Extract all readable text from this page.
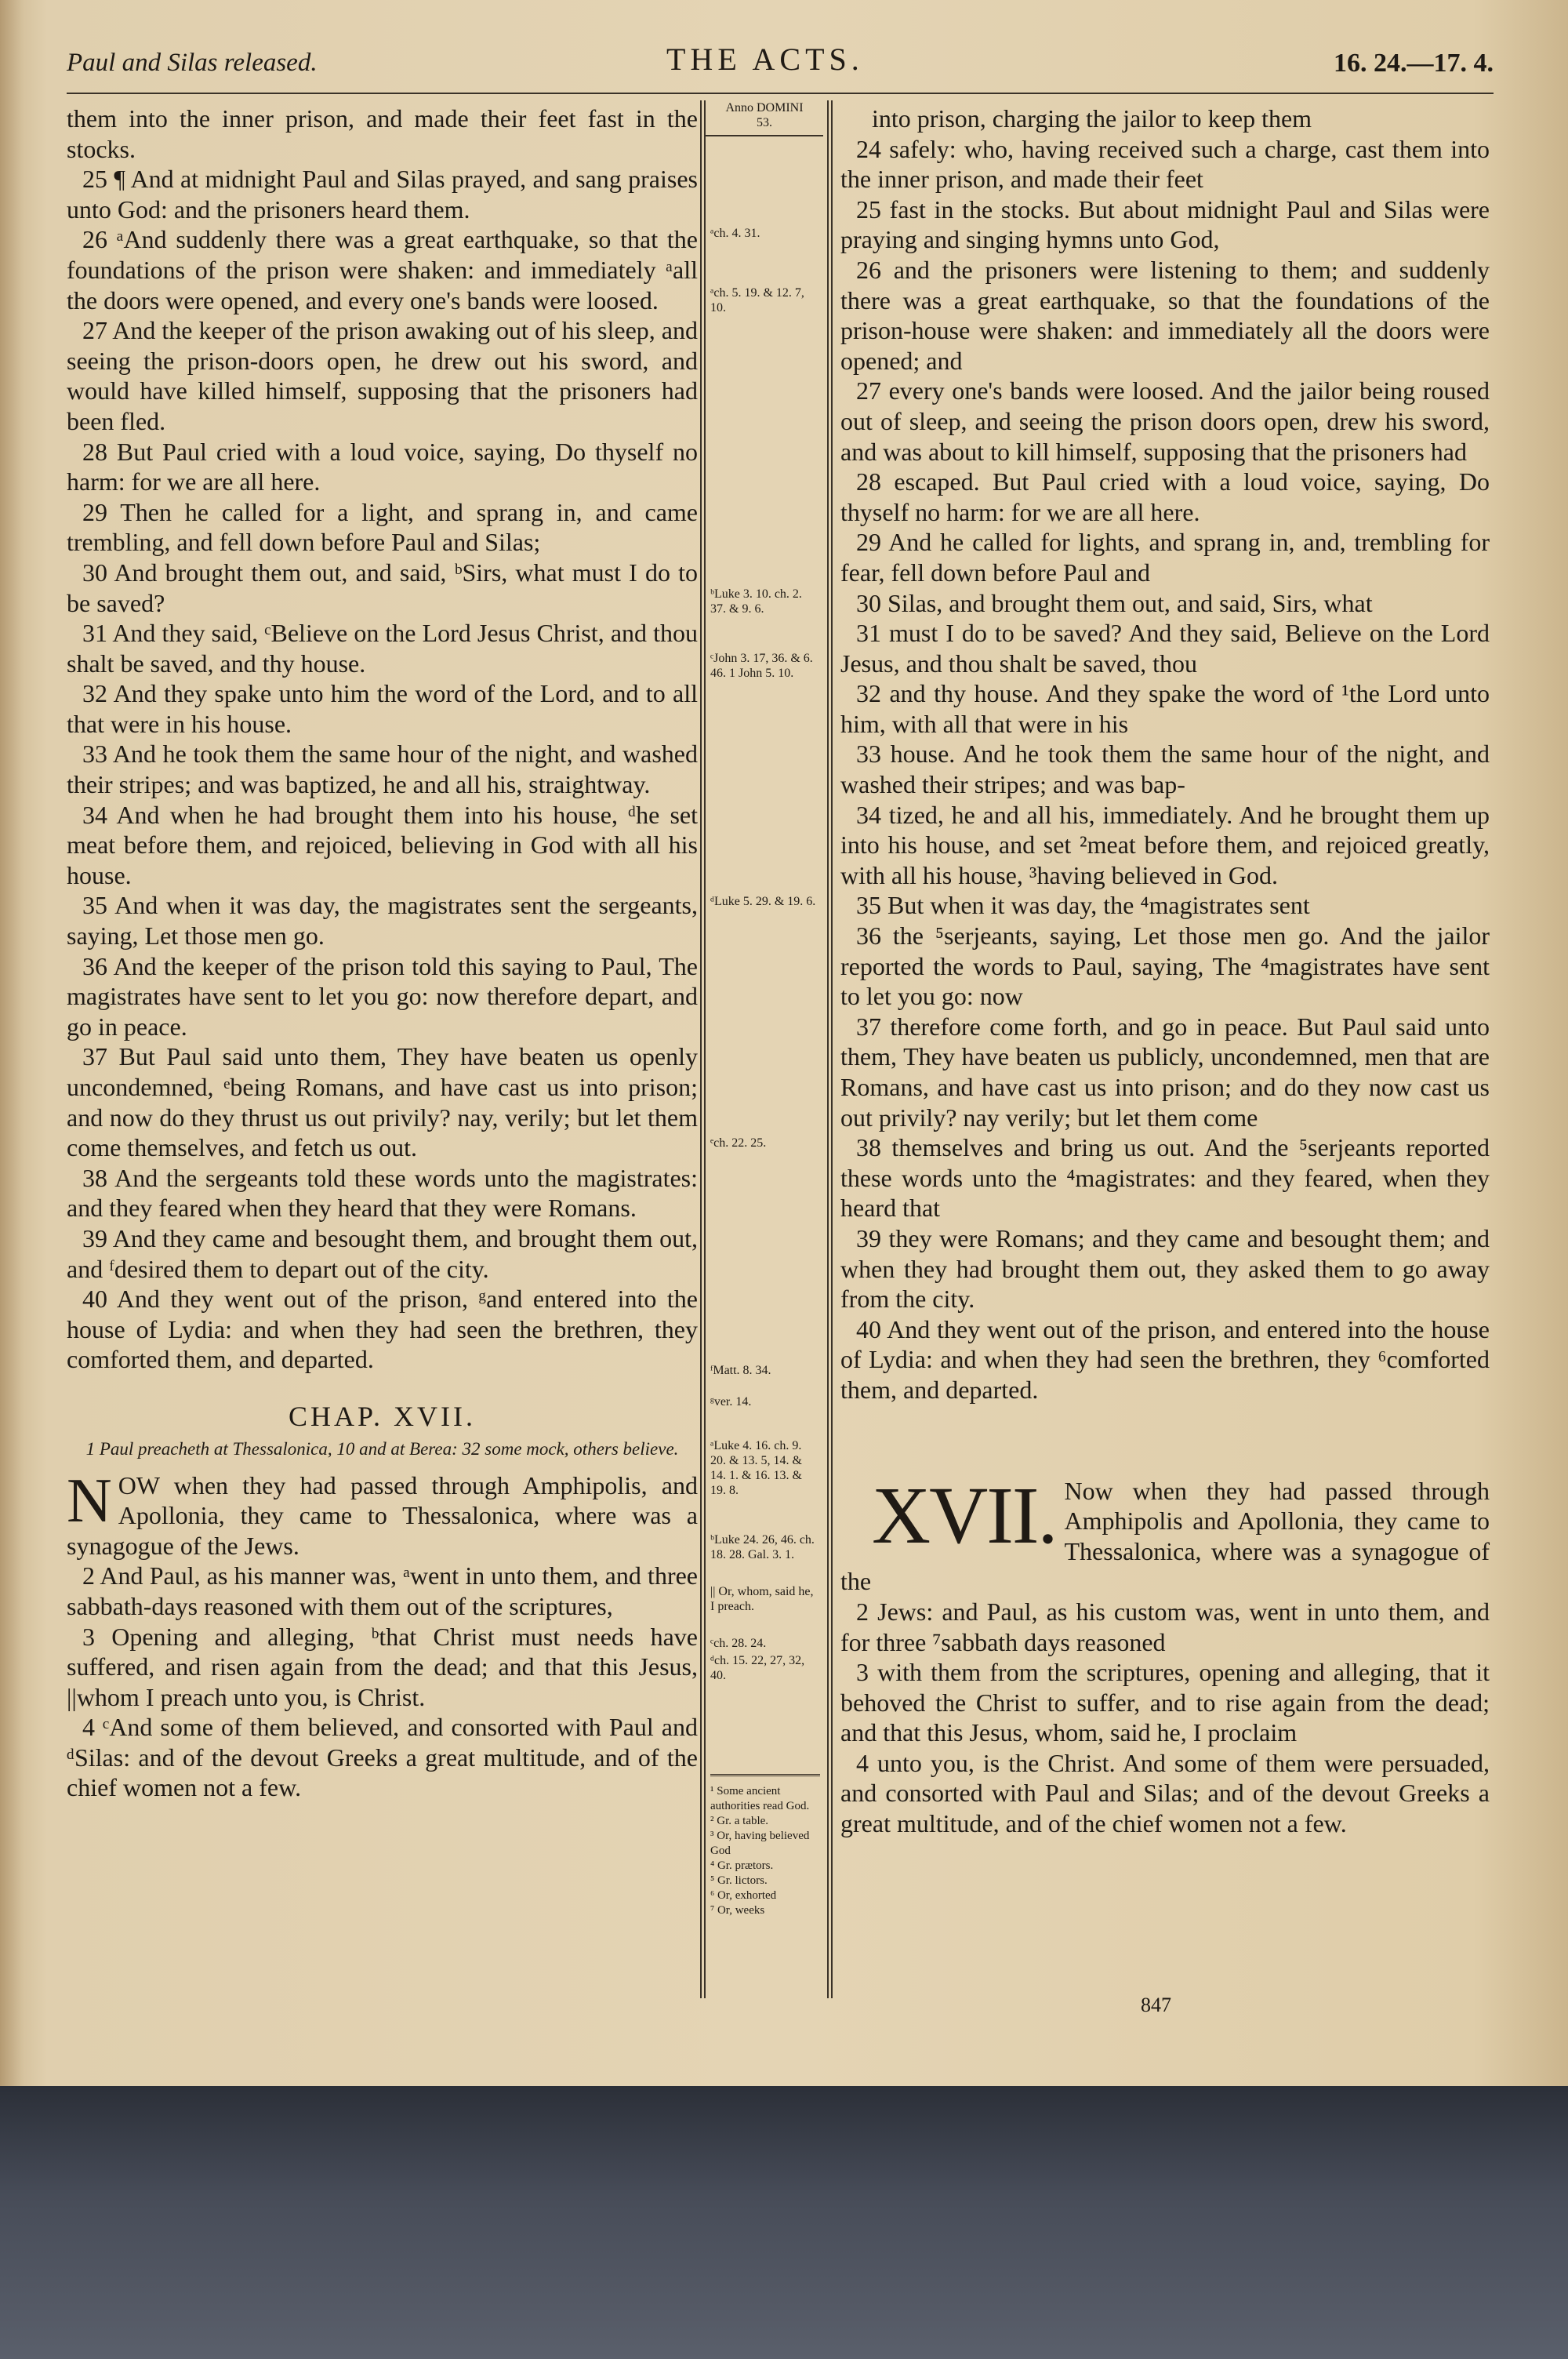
Paul and Silas released.	THE ACTS.	16. 24.—17. 4.
them into the inner prison, and made their feet fast in the stocks.
25 ¶ And at midnight Paul and Silas prayed, and sang praises unto God: and the prisoners heard them.
26 ᵃAnd suddenly there was a great earthquake, so that the foundations of the prison were shaken: and immediately ᵃall the doors were opened, and every one's bands were loosed.
27 And the keeper of the prison awaking out of his sleep, and seeing the prison-doors open, he drew out his sword, and would have killed himself, supposing that the prisoners had been fled.
28 But Paul cried with a loud voice, saying, Do thyself no harm: for we are all here.
29 Then he called for a light, and sprang in, and came trembling, and fell down before Paul and Silas;
30 And brought them out, and said, ᵇSirs, what must I do to be saved?
31 And they said, ᶜBelieve on the Lord Jesus Christ, and thou shalt be saved, and thy house.
32 And they spake unto him the word of the Lord, and to all that were in his house.
33 And he took them the same hour of the night, and washed their stripes; and was baptized, he and all his, straightway.
34 And when he had brought them into his house, ᵈhe set meat before them, and rejoiced, believing in God with all his house.
35 And when it was day, the magistrates sent the sergeants, saying, Let those men go.
36 And the keeper of the prison told this saying to Paul, The magistrates have sent to let you go: now therefore depart, and go in peace.
37 But Paul said unto them, They have beaten us openly uncondemned, ᵉbeing Romans, and have cast us into prison; and now do they thrust us out privily? nay, verily; but let them come themselves, and fetch us out.
38 And the sergeants told these words unto the magistrates: and they feared when they heard that they were Romans.
39 And they came and besought them, and brought them out, and ᶠdesired them to depart out of the city.
40 And they went out of the prison, ᵍand entered into the house of Lydia: and when they had seen the brethren, they comforted them, and departed.
CHAP. XVII.
1 Paul preacheth at Thessalonica, 10 and at Berea: 32 some mock, others believe.
N OW when they had passed through Amphipolis, and Apollonia, they came to Thessalonica, where was a synagogue of the Jews.
2 And Paul, as his manner was, ᵃwent in unto them, and three sabbath-days reasoned with them out of the scriptures,
3 Opening and alleging, ᵇthat Christ must needs have suffered, and risen again from the dead; and that this Jesus, ||whom I preach unto you, is Christ.
4 ᶜAnd some of them believed, and consorted with Paul and ᵈSilas: and of the devout Greeks a great multitude, and of the chief women not a few.
Anno DOMINI
53.
ᵃch. 4. 31.
ᵃch. 5. 19. & 12. 7, 10.
ᵇLuke 3. 10. ch. 2. 37. & 9. 6.
ᶜJohn 3. 17, 36. & 6. 46. 1 John 5. 10.
ᵈLuke 5. 29. & 19. 6.
ᵉch. 22. 25.
ᶠMatt. 8. 34.
ᵍver. 14.
ᵃLuke 4. 16. ch. 9. 20. & 13. 5, 14. & 14. 1. & 16. 13. & 19. 8.
ᵇLuke 24. 26, 46. ch. 18. 28. Gal. 3. 1.
|| Or, whom, said he, I preach.
ᶜch. 28. 24.
ᵈch. 15. 22, 27, 32, 40.
¹ Some ancient authorities read God.
² Gr. a table.
³ Or, having believed God
⁴ Gr. prætors.
⁵ Gr. lictors.
⁶ Or, exhorted
⁷ Or, weeks
into prison, charging the jailor to keep them
24 safely: who, having received such a charge, cast them into the inner prison, and made their feet
25 fast in the stocks. But about midnight Paul and Silas were praying and singing hymns unto God,
26 and the prisoners were listening to them; and suddenly there was a great earthquake, so that the foundations of the prison-house were shaken: and immediately all the doors were opened; and
27 every one's bands were loosed. And the jailor being roused out of sleep, and seeing the prison doors open, drew his sword, and was about to kill himself, supposing that the prisoners had
28 escaped. But Paul cried with a loud voice, saying, Do thyself no harm: for we are all here.
29 And he called for lights, and sprang in, and, trembling for fear, fell down before Paul and
30 Silas, and brought them out, and said, Sirs, what
31 must I do to be saved? And they said, Believe on the Lord Jesus, and thou shalt be saved, thou
32 and thy house. And they spake the word of ¹the Lord unto him, with all that were in his
33 house. And he took them the same hour of the night, and washed their stripes; and was bap-
34 tized, he and all his, immediately. And he brought them up into his house, and set ²meat before them, and rejoiced greatly, with all his house, ³having believed in God.
35 But when it was day, the ⁴magistrates sent
36 the ⁵serjeants, saying, Let those men go. And the jailor reported the words to Paul, saying, The ⁴magistrates have sent to let you go: now
37 therefore come forth, and go in peace. But Paul said unto them, They have beaten us publicly, uncondemned, men that are Romans, and have cast us into prison; and do they now cast us out privily? nay verily; but let them come
38 themselves and bring us out. And the ⁵serjeants reported these words unto the ⁴magistrates: and they feared, when they heard that
39 they were Romans; and they came and besought them; and when they had brought them out, they asked them to go away from the city.
40 And they went out of the prison, and entered into the house of Lydia: and when they had seen the brethren, they ⁶comforted them, and departed.
XVII. Now when they had passed through Amphipolis and Apollonia, they came to Thessalonica, where was a synagogue of the
2 Jews: and Paul, as his custom was, went in unto them, and for three ⁷sabbath days reasoned
3 with them from the scriptures, opening and alleging, that it behoved the Christ to suffer, and to rise again from the dead; and that this Jesus, whom, said he, I proclaim
4 unto you, is the Christ. And some of them were persuaded, and consorted with Paul and Silas; and of the devout Greeks a great multitude, and of the chief women not a few.
847
